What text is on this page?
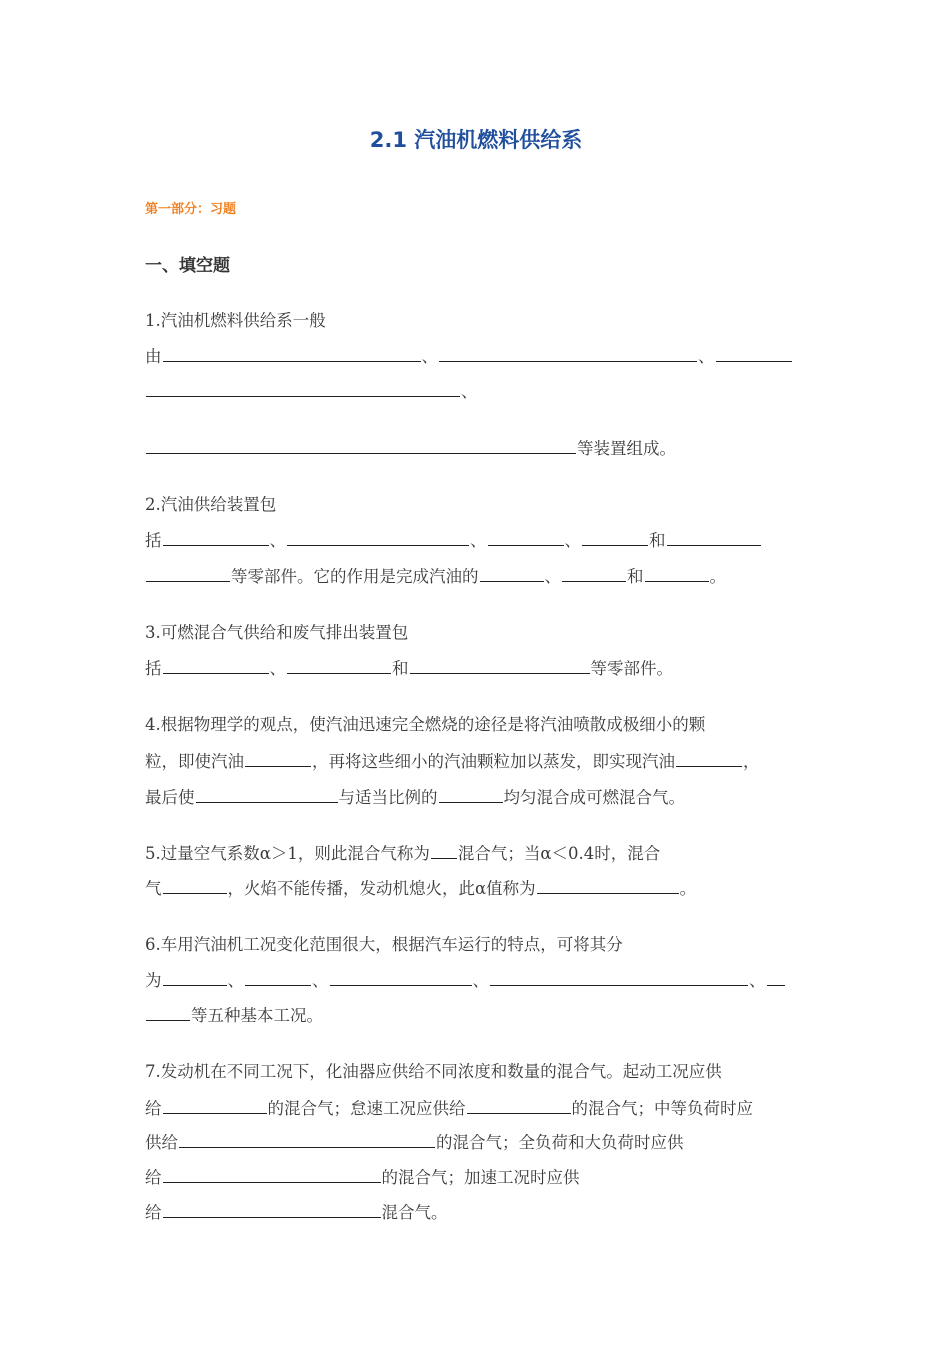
2.1 汽油机燃料供给系
第一部分：习题
一、填空题
1.汽油机燃料供给系一般
由	、	、
、
等装置组成。
2.汽油供给装置包
括	、	、	、	和
等零部件。它的作用是完成汽油的	、	和	。
3.可燃混合气供给和废气排出装置包
括	、	和	等零部件。
4.根据物理学的观点，使汽油迅速完全燃烧的途径是将汽油喷散成极细小的颗
粒，即使汽油	，再将这些细小的汽油颗粒加以蒸发，即实现汽油	，
最后使	与适当比例的	均匀混合成可燃混合气。
5.过量空气系数α＞1，则此混合气称为 混合气；当α＜0.4时，混合
气	，火焰不能传播，发动机熄火，此α值称为	。
6.车用汽油机工况变化范围很大，根据汽车运行的特点，可将其分
为	、	、	、	、
等五种基本工况。
7.发动机在不同工况下，化油器应供给不同浓度和数量的混合气。起动工况应供
给	的混合气；怠速工况应供给	的混合气；中等负荷时应
供给	的混合气；全负荷和大负荷时应供
给	的混合气；加速工况时应供
给	混合气。
